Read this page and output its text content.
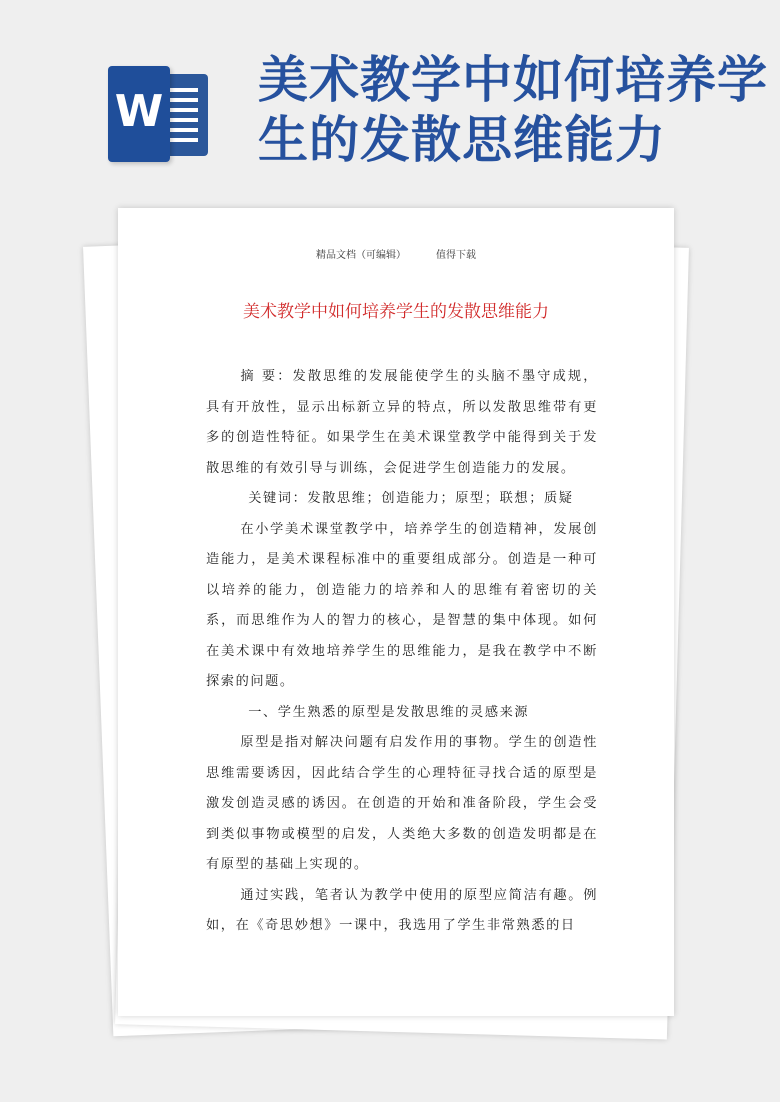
W
美术教学中如何培养学生的发散思维能力
精品文档（可编辑）	值得下载
美术教学中如何培养学生的发散思维能力

摘 要：发散思维的发展能使学生的头脑不墨守成规，具有开放性，显示出标新立异的特点，所以发散思维带有更多的创造性特征。如果学生在美术课堂教学中能得到关于发散思维的有效引导与训练，会促进学生创造能力的发展。

关键词：发散思维；创造能力；原型；联想；质疑

在小学美术课堂教学中，培养学生的创造精神，发展创造能力，是美术课程标准中的重要组成部分。创造是一种可以培养的能力，创造能力的培养和人的思维有着密切的关系，而思维作为人的智力的核心，是智慧的集中体现。如何在美术课中有效地培养学生的思维能力，是我在教学中不断探索的问题。

一、学生熟悉的原型是发散思维的灵感来源

原型是指对解决问题有启发作用的事物。学生的创造性思维需要诱因，因此结合学生的心理特征寻找合适的原型是激发创造灵感的诱因。在创造的开始和准备阶段，学生会受到类似事物或模型的启发，人类绝大多数的创造发明都是在有原型的基础上实现的。

通过实践，笔者认为教学中使用的原型应简洁有趣。例如，在《奇思妙想》一课中，我选用了学生非常熟悉的日
